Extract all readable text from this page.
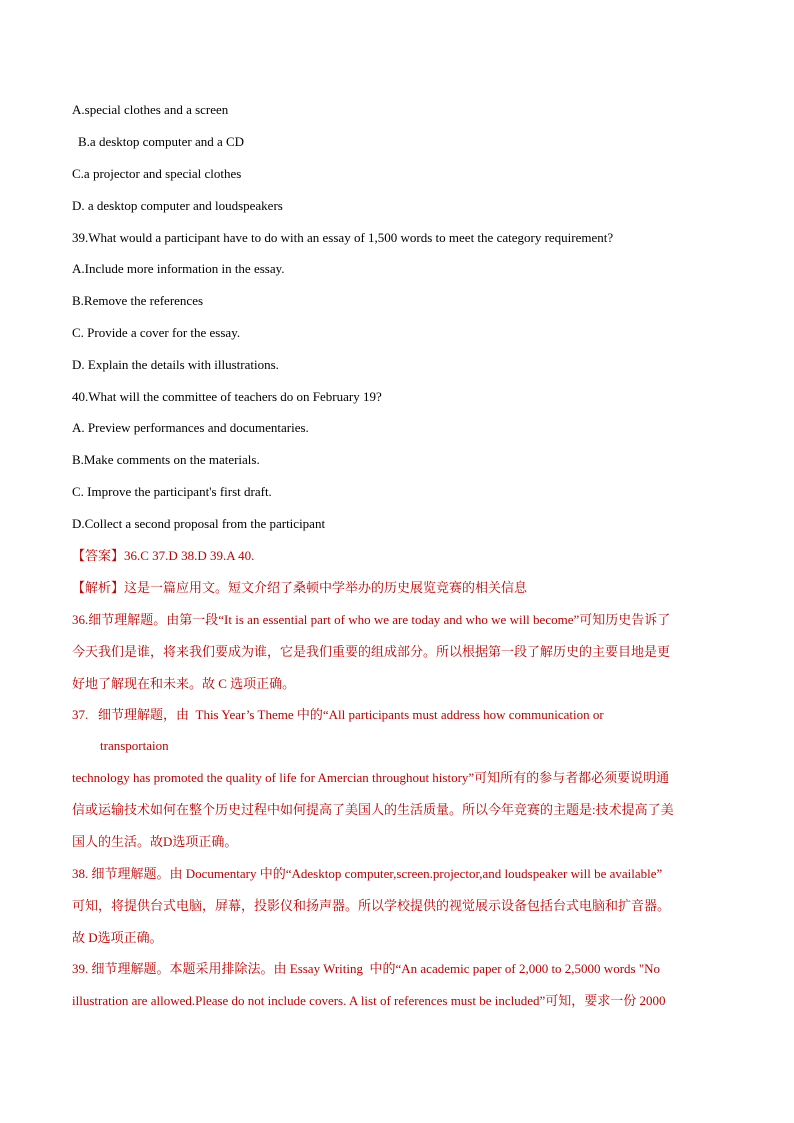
A.special clothes and a screen
B.a desktop computer and a CD
C.a projector and special clothes
D. a desktop computer and loudspeakers
39.What would a participant have to do with an essay of 1,500 words to meet the category requirement?
A.Include more information in the essay.
B.Remove the references
C. Provide a cover for the essay.
D. Explain the details with illustrations.
40.What will the committee of teachers do on February 19?
A. Preview performances and documentaries.
B.Make comments on the materials.
C. Improve the participant's first draft.
D.Collect a second proposal from the participant
【答案】36.C 37.D 38.D 39.A 40.
【解析】这是一篇应用文。短文介绍了桑顿中学举办的历史展览竞赛的相关信息
36.细节理解题。由第一段“It is an essential part of who we are today and who we will become”可知历史告诉了
今天我们是谁，将来我们要成为谁，它是我们重要的组成部分。所以根据第一段了解历史的主要目地是更
好地了解现在和未来。故 C 选项正确。
37.   细节理解题，由  This Year’s Theme 中的“All participants must address how communication or
transportaion
technology has promoted the quality of life for Amercian throughout history”可知所有的参与者都必须要说明通
信或运输技术如何在整个历史过程中如何提高了美国人的生活质量。所以今年竞赛的主题是:技术提高了美
国人的生活。故D选项正确。
38. 细节理解题。由 Documentary 中的“Adesktop computer,screen.projector,and loudspeaker will be available”
可知，将提供台式电脑，屏幕，投影仪和扬声器。所以学校提供的视觉展示设备包括台式电脑和扩音器。
故 D选项正确。
39. 细节理解题。本题采用排除法。由 Essay Writing  中的“An academic paper of 2,000 to 2,5000 words "No
illustration are allowed.Please do not include covers. A list of references must be included”可知，要求一份 2000
